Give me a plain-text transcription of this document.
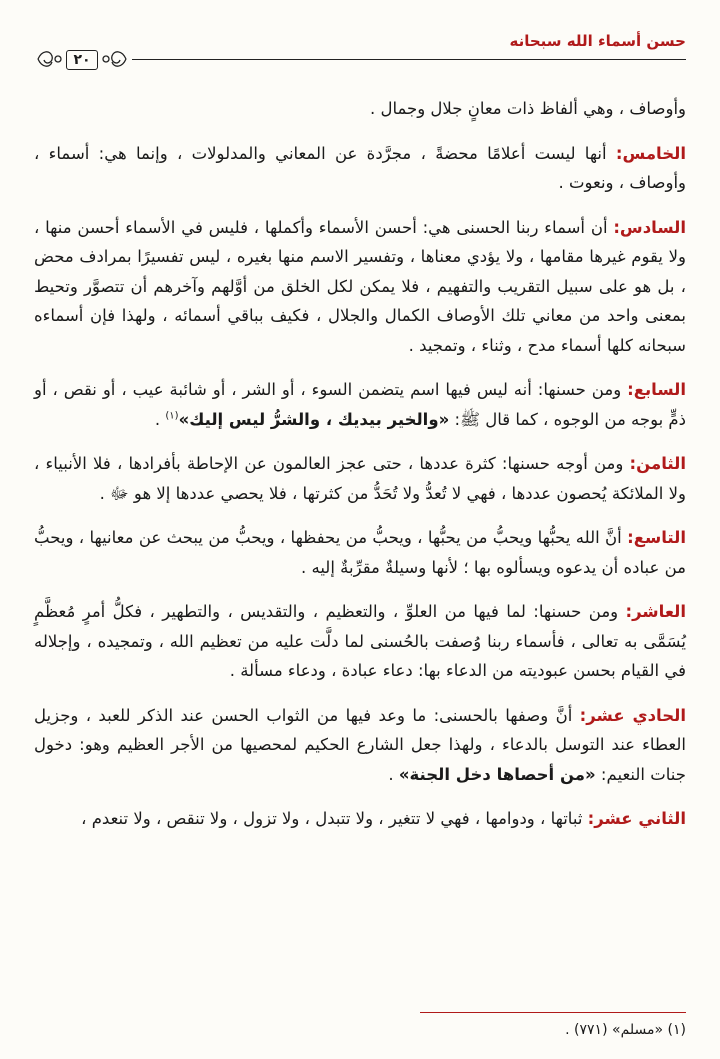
حسن أسماء الله سبحانه
٢٠

وأوصاف ، وهي ألفاظ ذات معانٍ جلال وجمال .

الخامس: أنها ليست أعلامًا محضةً ، مجرَّدة عن المعاني والمدلولات ، وإنما هي: أسماء ، وأوصاف ، ونعوت .

السادس: أن أسماء ربنا الحسنى هي: أحسن الأسماء وأكملها ، فليس في الأسماء أحسن منها ، ولا يقوم غيرها مقامها ، ولا يؤدي معناها ، وتفسير الاسم منها بغيره ، ليس تفسيرًا بمرادف محض ، بل هو على سبيل التقريب والتفهيم ، فلا يمكن لكل الخلق من أوَّلهم وآخرهم أن تتصوَّر وتحيط بمعنى واحد من معاني تلك الأوصاف الكمال والجلال ، فكيف بباقي أسمائه ، ولهذا فإن أسماءه سبحانه كلها أسماء مدح ، وثناء ، وتمجيد .

السابع: ومن حسنها: أنه ليس فيها اسم يتضمن السوء ، أو الشر ، أو شائبة عيب ، أو نقص ، أو ذمٍّ بوجه من الوجوه ، كما قال ﷺ: «والخير بيديك ، والشرُّ ليس إليك»$^{(١)}$ .

الثامن: ومن أوجه حسنها: كثرة عددها ، حتى عجز العالمون عن الإحاطة بأفرادها ، فلا الأنبياء ، ولا الملائكة يُحصون عددها ، فهي لا تُعدُّ ولا تُحَدُّ من كثرتها ، فلا يحصي عددها إلا هو ﷻ .

التاسع: أنَّ الله يحبُّها ويحبُّ من يحبُّها ، ويحبُّ من يحفظها ، ويحبُّ من يبحث عن معانيها ، ويحبُّ من عباده أن يدعوه ويسألوه بها ؛ لأنها وسيلةٌ مقرِّبةٌ إليه .

العاشر: ومن حسنها: لما فيها من العلوِّ ، والتعظيم ، والتقديس ، والتطهير ، فكلُّ أمرٍ مُعظَّمٍ يُسَمَّى به تعالى ، فأسماء ربنا وُصفت بالحُسنى لما دلَّت عليه من تعظيم الله ، وتمجيده ، وإجلاله في القيام بحسن عبوديته من الدعاء بها: دعاء عبادة ، ودعاء مسألة .

الحادي عشر: أنَّ وصفها بالحسنى: ما وعد فيها من الثواب الحسن عند الذكر للعبد ، وجزيل العطاء عند التوسل بالدعاء ، ولهذا جعل الشارع الحكيم لمحصيها من الأجر العظيم وهو: دخول جنات النعيم: «من أحصاها دخل الجنة» .

الثاني عشر: ثباتها ، ودوامها ، فهي لا تتغير ، ولا تتبدل ، ولا تزول ، ولا تنقص ، ولا تنعدم ،

(١) «مسلم» (٧٧١) .
